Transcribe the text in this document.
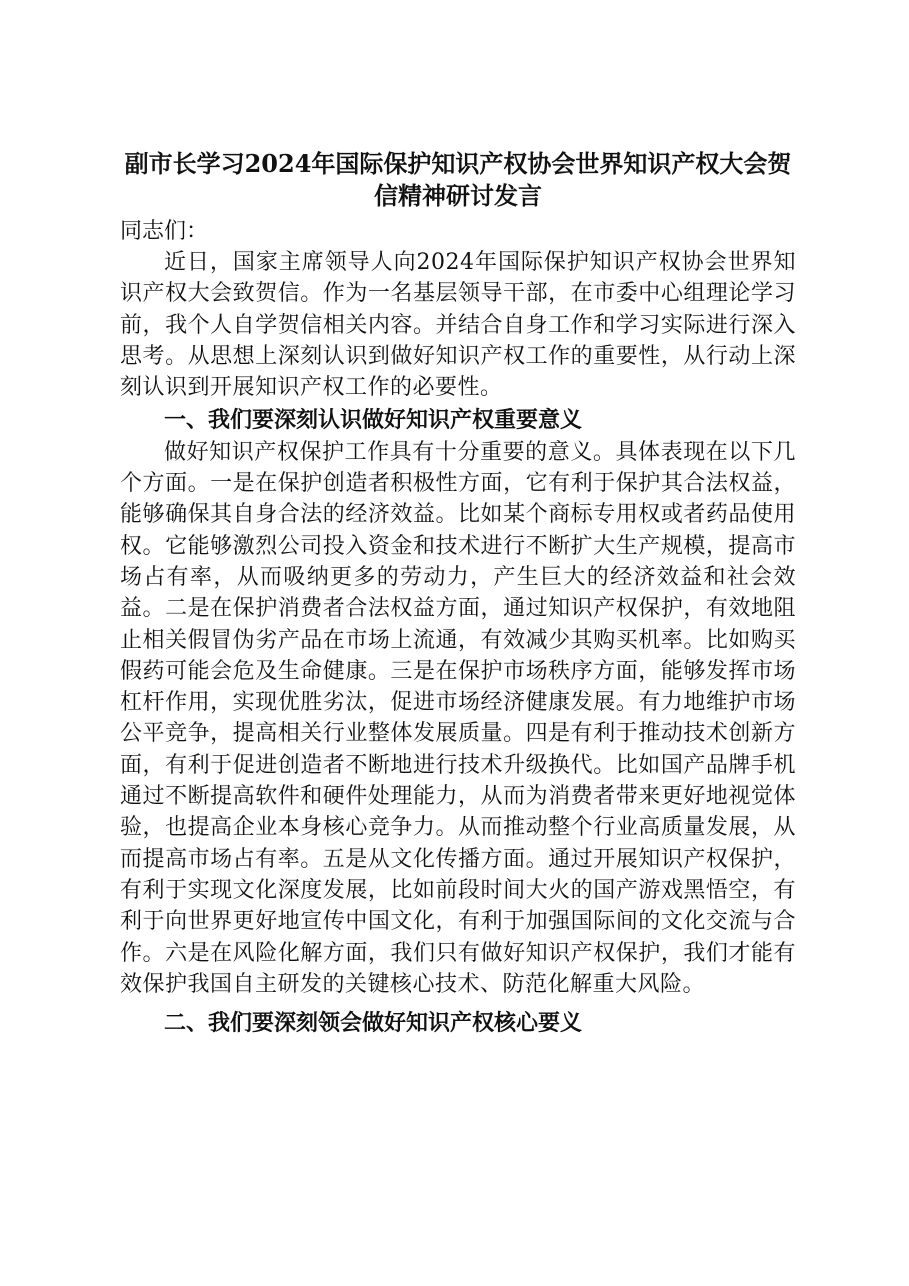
副市长学习2024年国际保护知识产权协会世界知识产权大会贺信精神研讨发言

同志们：

近日，国家主席领导人向2024年国际保护知识产权协会世界知识产权大会致贺信。作为一名基层领导干部，在市委中心组理论学习前，我个人自学贺信相关内容。并结合自身工作和学习实际进行深入思考。从思想上深刻认识到做好知识产权工作的重要性，从行动上深刻认识到开展知识产权工作的必要性。

一、我们要深刻认识做好知识产权重要意义

做好知识产权保护工作具有十分重要的意义。具体表现在以下几个方面。一是在保护创造者积极性方面，它有利于保护其合法权益，能够确保其自身合法的经济效益。比如某个商标专用权或者药品使用权。它能够激烈公司投入资金和技术进行不断扩大生产规模，提高市场占有率，从而吸纳更多的劳动力，产生巨大的经济效益和社会效益。二是在保护消费者合法权益方面，通过知识产权保护，有效地阻止相关假冒伪劣产品在市场上流通，有效减少其购买机率。比如购买假药可能会危及生命健康。三是在保护市场秩序方面，能够发挥市场杠杆作用，实现优胜劣汰，促进市场经济健康发展。有力地维护市场公平竞争，提高相关行业整体发展质量。四是有利于推动技术创新方面，有利于促进创造者不断地进行技术升级换代。比如国产品牌手机通过不断提高软件和硬件处理能力，从而为消费者带来更好地视觉体验，也提高企业本身核心竞争力。从而推动整个行业高质量发展，从而提高市场占有率。五是从文化传播方面。通过开展知识产权保护，有利于实现文化深度发展，比如前段时间大火的国产游戏黑悟空，有利于向世界更好地宣传中国文化，有利于加强国际间的文化交流与合作。六是在风险化解方面，我们只有做好知识产权保护，我们才能有效保护我国自主研发的关键核心技术、防范化解重大风险。

二、我们要深刻领会做好知识产权核心要义
